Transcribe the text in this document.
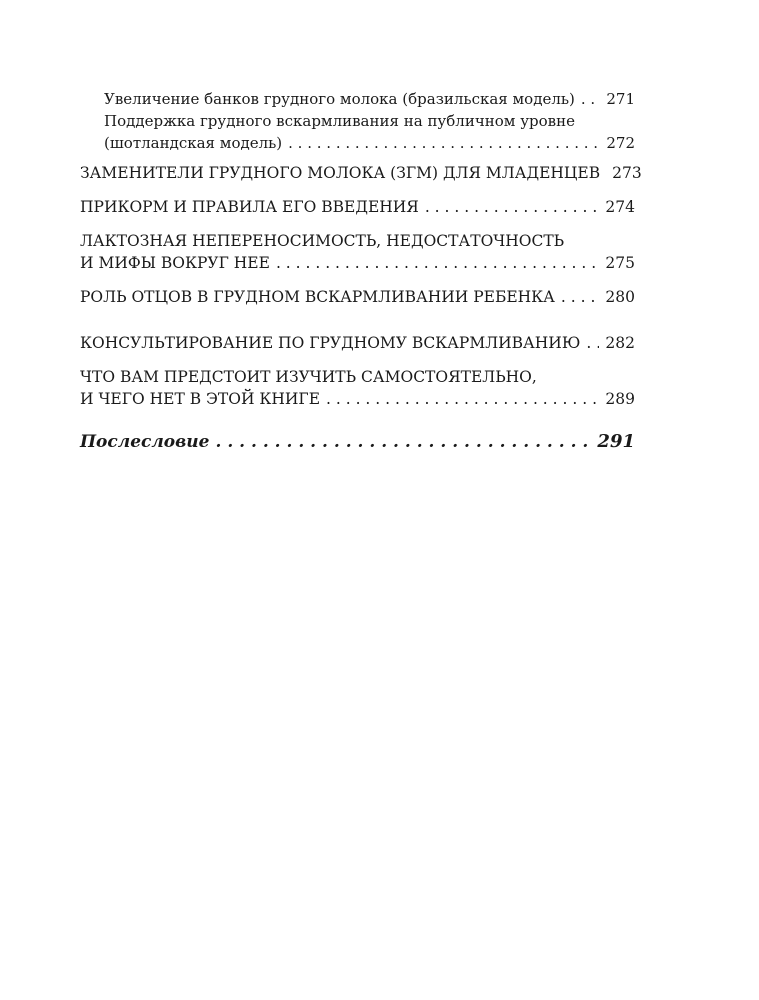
Увеличение банков грудного молока (бразильская модель) . . .	271
Поддержка грудного вскармливания на публичном уровне
(шотландская модель) . . .	272
ЗАМЕНИТЕЛИ ГРУДНОГО МОЛОКА (ЗГМ) ДЛЯ МЛАДЕНЦЕВ 273
ПРИКОРМ И ПРАВИЛА ЕГО ВВЕДЕНИЯ . . .	274
ЛАКТОЗНАЯ НЕПЕРЕНОСИМОСТЬ, НЕДОСТАТОЧНОСТЬ
И МИФЫ ВОКРУГ НЕЕ . . .	275
РОЛЬ ОТЦОВ В ГРУДНОМ ВСКАРМЛИВАНИИ РЕБЕНКА . . .	280
КОНСУЛЬТИРОВАНИЕ ПО ГРУДНОМУ ВСКАРМЛИВАНИЮ . . .	282
ЧТО ВАМ ПРЕДСТОИТ ИЗУЧИТЬ САМОСТОЯТЕЛЬНО,
И ЧЕГО НЕТ В ЭТОЙ КНИГЕ . . .	289
Послесловие . . .	291
